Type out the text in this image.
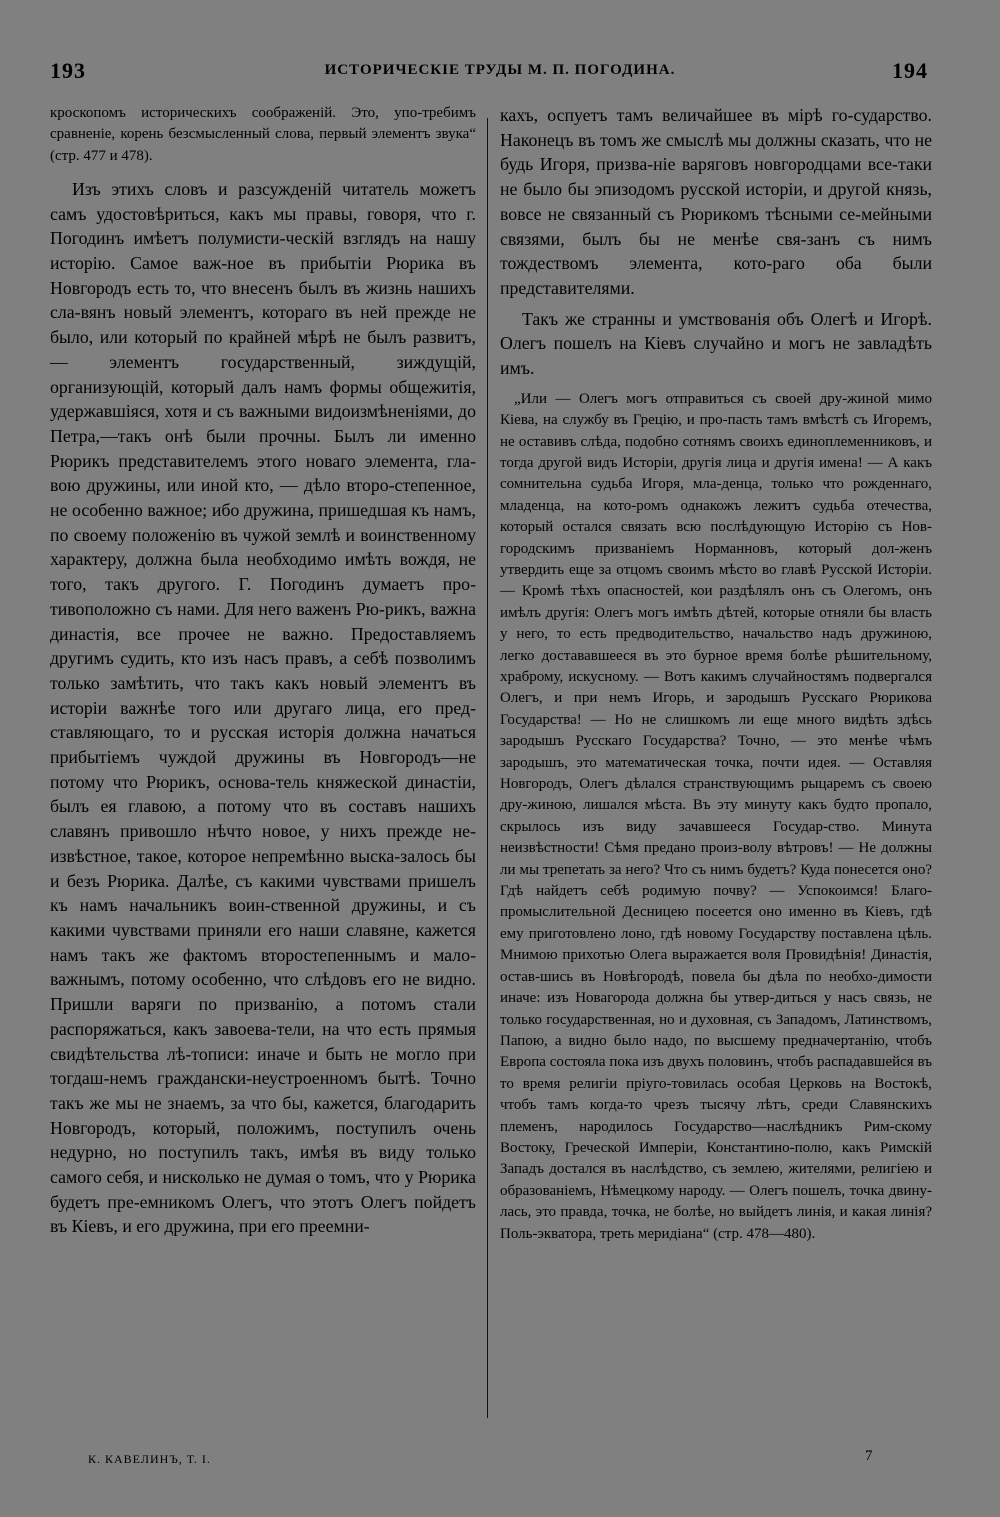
193	ИСТОРИЧЕСКІЕ ТРУДЫ М. П. ПОГОДИНА.	194

кроскопомъ историческихъ соображеній. Это, упо-требимъ сравненіе, корень безсмысленный слова, первый элементъ звука“ (стр. 477 и 478).

Изъ этихъ словъ и разсужденій читатель можетъ самъ удостовѣриться, какъ мы правы, говоря, что г. Погодинъ имѣетъ полумисти-ческій взглядъ на нашу исторію. Самое важ-ное въ прибытіи Рюрика въ Новгородъ есть то, что внесенъ былъ въ жизнь нашихъ сла-вянъ новый элементъ, котораго въ ней прежде не было, или который по крайней мѣрѣ не былъ развитъ, — элементъ государственный, зиждущій, организующій, который далъ намъ формы общежитія, удержавшіяся, хотя и съ важными видоизмѣненіями, до Петра,—такъ онѣ были прочны. Былъ ли именно Рюрикъ представителемъ этого новаго элемента, гла-вою дружины, или иной кто, — дѣло второ-степенное, не особенно важное; ибо дружина, пришедшая къ намъ, по своему положенію въ чужой землѣ и воинственному характеру, должна была необходимо имѣть вождя, не того, такъ другого. Г. Погодинъ думаетъ про-тивоположно съ нами. Для него важенъ Рю-рикъ, важна династія, все прочее не важно. Предоставляемъ другимъ судить, кто изъ насъ правъ, а себѣ позволимъ только замѣтить, что такъ какъ новый элементъ въ исторіи важнѣе того или другаго лица, его пред-ставляющаго, то и русская исторія должна начаться прибытіемъ чуждой дружины въ Новгородъ—не потому что Рюрикъ, основа-тель княжеской династіи, былъ ея главою, а потому что въ составъ нашихъ славянъ привошло нѣчто новое, у нихъ прежде не-извѣстное, такое, которое непремѣнно выска-залось бы и безъ Рюрика. Далѣе, съ какими чувствами пришелъ къ намъ начальникъ воин-ственной дружины, и съ какими чувствами приняли его наши славяне, кажется намъ такъ же фактомъ второстепеннымъ и мало-важнымъ, потому особенно, что слѣдовъ его не видно. Пришли варяги по призванію, а потомъ стали распоряжаться, какъ завоева-тели, на что есть прямыя свидѣтельства лѣ-тописи: иначе и быть не могло при тогдаш-немъ граждански-неустроенномъ бытѣ. Точно такъ же мы не знаемъ, за что бы, кажется, благодарить Новгородъ, который, положимъ, поступилъ очень недурно, но поступилъ такъ, имѣя въ виду только самого себя, и нисколько не думая о томъ, что у Рюрика будетъ пре-емникомъ Олегъ, что этотъ Олегъ пойдетъ въ Кіевъ, и его дружина, при его преемни-

кахъ, оспуетъ тамъ величайшее въ мірѣ го-сударство. Наконецъ въ томъ же смыслѣ мы должны сказать, что не будь Игоря, призва-ніе варяговъ новгородцами все-таки не было бы эпизодомъ русской исторіи, и другой князь, вовсе не связанный съ Рюрикомъ тѣсными се-мейными связями, былъ бы не менѣе свя-занъ съ нимъ тождествомъ элемента, кото-раго оба были представителями.

Такъ же странны и умствованія объ Олегѣ и Игорѣ. Олегъ пошелъ на Кіевъ случайно и могъ не завладѣть имъ.

„Или — Олегъ могъ отправиться съ своей дру-жиной мимо Кіева, на службу въ Грецію, и про-пасть тамъ вмѣстѣ съ Игоремъ, не оставивъ слѣда, подобно сотнямъ своихъ единоплеменниковъ, и тогда другой видъ Исторіи, другія лица и другія имена! — А какъ сомнительна судьба Игоря, мла-денца, только что рожденнаго, младенца, на кото-ромъ однакожъ лежитъ судьба отечества, который остался связать всю послѣдующую Исторію съ Нов-городскимъ призваніемъ Норманновъ, который дол-женъ утвердить еще за отцомъ своимъ мѣсто во главѣ Русской Исторіи. — Кромѣ тѣхъ опасностей, кои раздѣлялъ онъ съ Олегомъ, онъ имѣлъ другія: Олегъ могъ имѣть дѣтей, которые отняли бы власть у него, то есть предводительство, начальство надъ дружиною, легко достававшееся въ это бурное время болѣе рѣшительному, храброму, искусному. — Вотъ какимъ случайностямъ подвергался Олегъ, и при немъ Игорь, и зародышъ Русскаго Рюрикова Государства! — Но не слишкомъ ли еще много видѣть здѣсь зародышъ Русскаго Государства? Точно, — это менѣе чѣмъ зародышъ, это математическая точка, почти идея. — Оставляя Новгородъ, Олегъ дѣлался странствующимъ рыцаремъ съ своею дру-жиною, лишался мѣста. Въ эту минуту какъ будто пропало, скрылось изъ виду зачавшееся Государ-ство. Минута неизвѣстности! Сѣмя предано произ-волу вѣтровъ! — Не должны ли мы трепетать за него? Что съ нимъ будетъ? Куда понесется оно? Гдѣ найдетъ себѣ родимую почву? — Успокоимся! Благо-промыслительной Десницею посеется оно именно въ Кіевъ, гдѣ ему приготовлено лоно, гдѣ новому Государству поставлена цѣль. Мнимою прихотью Олега выражается воля Провидѣнія! Династія, остав-шись въ Новѣгородѣ, повела бы дѣла по необхо-димости иначе: изъ Новагорода должна бы утвер-диться у насъ связь, не только государственная, но и духовная, съ Западомъ, Латинствомъ, Папою, а видно было надо, по высшему предначертанію, чтобъ Европа состояла пока изъ двухъ половинъ, чтобъ распадавшейся въ то время религіи пріуго-товилась особая Церковь на Востокѣ, чтобъ тамъ когда-то чрезъ тысячу лѣтъ, среди Славянскихъ племенъ, народилось Государство—наслѣдникъ Рим-скому Востоку, Греческой Имперіи, Константино-полю, какъ Римскій Западъ достался въ наслѣдство, съ землею, жителями, религіею и образованіемъ, Нѣмецкому народу. — Олегъ пошелъ, точка двину-лась, это правда, точка, не болѣе, но выйдетъ линія, и какая линія? Поль-экватора, треть меридіана“ (стр. 478—480).

К. КАВЕЛИНЪ, Т. I.	7
